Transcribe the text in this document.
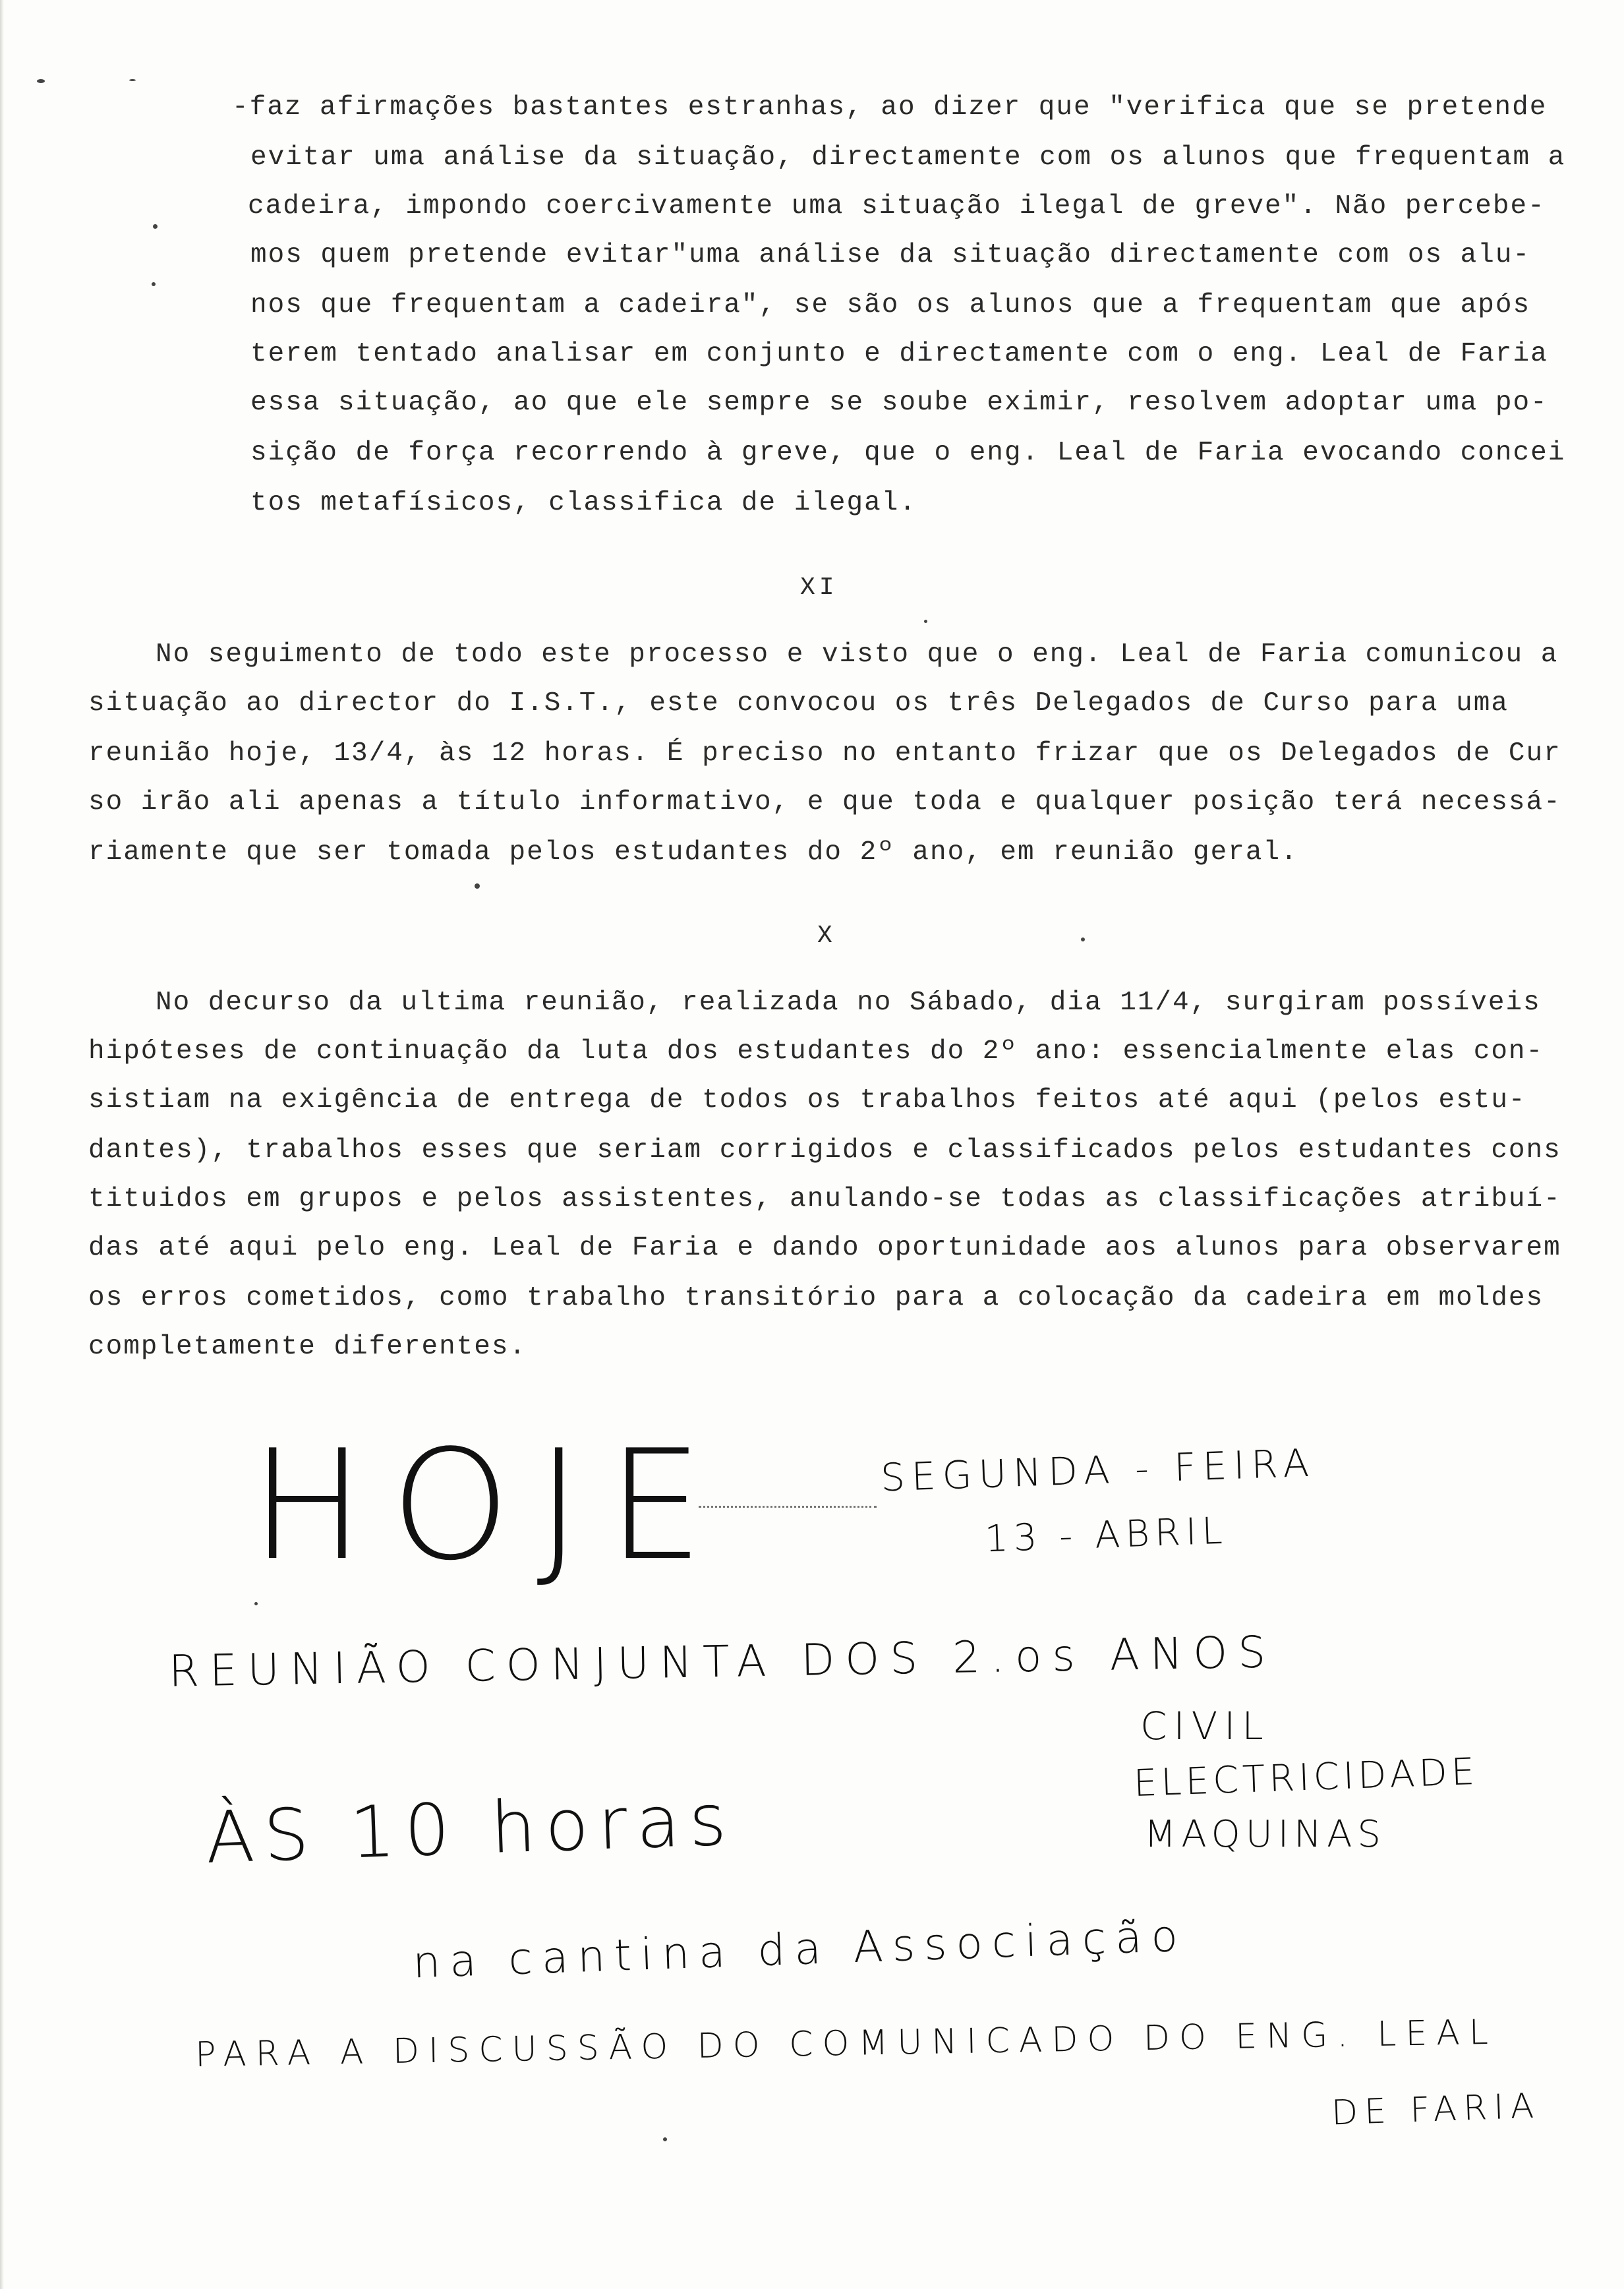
-faz afirmações bastantes estranhas, ao dizer que "verifica que se pretende

evitar uma análise da situação, directamente com os alunos que frequentam a

cadeira, impondo coercivamente uma situação ilegal de greve". Não percebe-

mos quem pretende evitar"uma análise da situação directamente com os alu-

nos que frequentam a cadeira", se são os alunos que a frequentam que após

terem tentado analisar em conjunto e directamente com o eng. Leal de Faria

essa situação, ao que ele sempre se soube eximir, resolvem adoptar uma po-

sição de força recorrendo à greve, que o eng. Leal de Faria evocando concei

tos metafísicos, classifica de ilegal.

XI

No seguimento de todo este processo e visto que o eng. Leal de Faria comunicou a

situação ao director do I.S.T., este convocou os três Delegados de Curso para uma

reunião hoje, 13/4, às 12 horas. É preciso no entanto frizar que os Delegados de Cur

so irão ali apenas a título informativo, e que toda e qualquer posição terá necessá-

riamente que ser tomada pelos estudantes do 2º ano, em reunião geral.

X

No decurso da ultima reunião, realizada no Sábado, dia 11/4, surgiram possíveis

hipóteses de continuação da luta dos estudantes do 2º ano: essencialmente elas con-

sistiam na exigência de entrega de todos os trabalhos feitos até aqui (pelos estu-

dantes), trabalhos esses que seriam corrigidos e classificados pelos estudantes cons

tituidos em grupos e pelos assistentes, anulando-se todas as classificações atribuí-

das até aqui pelo eng. Leal de Faria e dando oportunidade aos alunos para observarem

os erros cometidos, como trabalho transitório para a colocação da cadeira em moldes

completamente diferentes.

HOJE	SEGUNDA - FEIRA
13 - ABRIL
REUNIÃO CONJUNTA DOS 2.os ANOS
CIVIL
ELECTRICIDADE
MAQUINAS
ÀS 10 horas
na cantina da Associação
PARA A DISCUSSÃO DO COMUNICADO DO ENG. LEAL
DE FARIA
